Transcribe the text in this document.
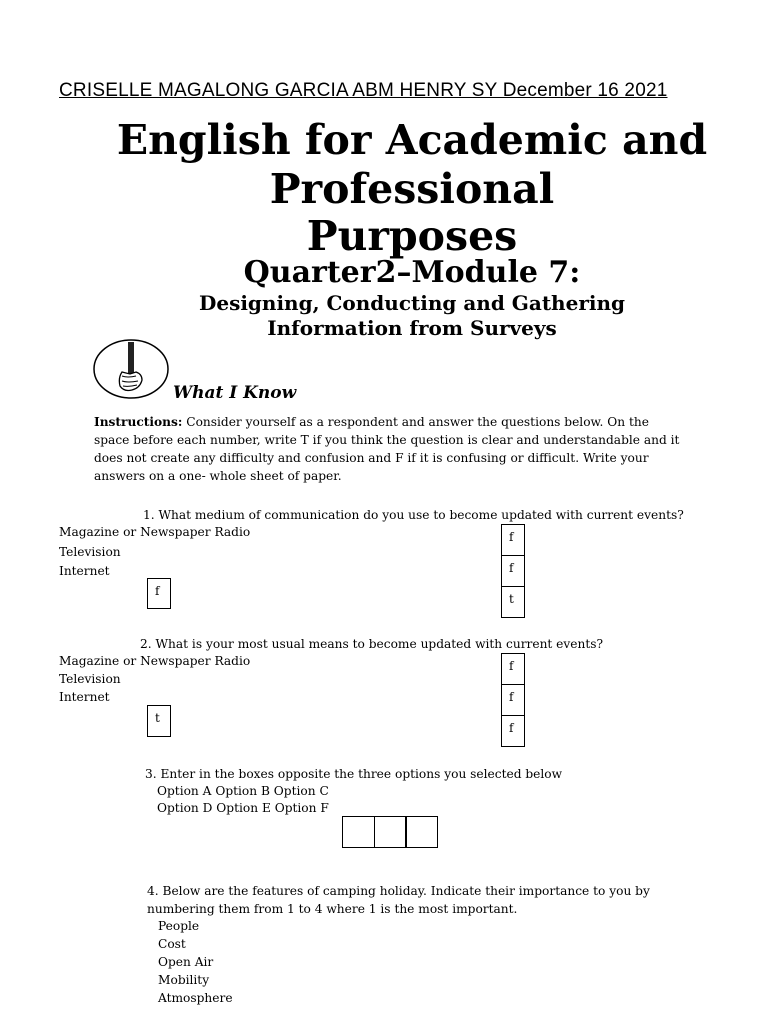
CRISELLE MAGALONG GARCIA ABM HENRY SY December 16 2021
English for Academic and
Professional
Purposes
Quarter2–Module 7:
Designing, Conducting and Gathering
Information from Surveys
What I Know
Instructions: Consider yourself as a respondent and answer the questions below. On the space before each number, write T if you think the question is clear and understandable and it does not create any difficulty and confusion and F if it is confusing or difficult. Write your answers on a one- whole sheet of paper.
1. What medium of communication do you use to become updated with current events?
Magazine or Newspaper Radio
Television
Internet
f
f
f
t
2. What is your most usual means to become updated with current events?
Magazine or Newspaper Radio
Television
Internet
t
f
f
f
3. Enter in the boxes opposite the three options you selected below
Option A Option B Option C
Option D Option E Option F
4. Below are the features of camping holiday. Indicate their importance to you by
numbering them from 1 to 4 where 1 is the most important.
People
Cost
Open Air
Mobility
Atmosphere
